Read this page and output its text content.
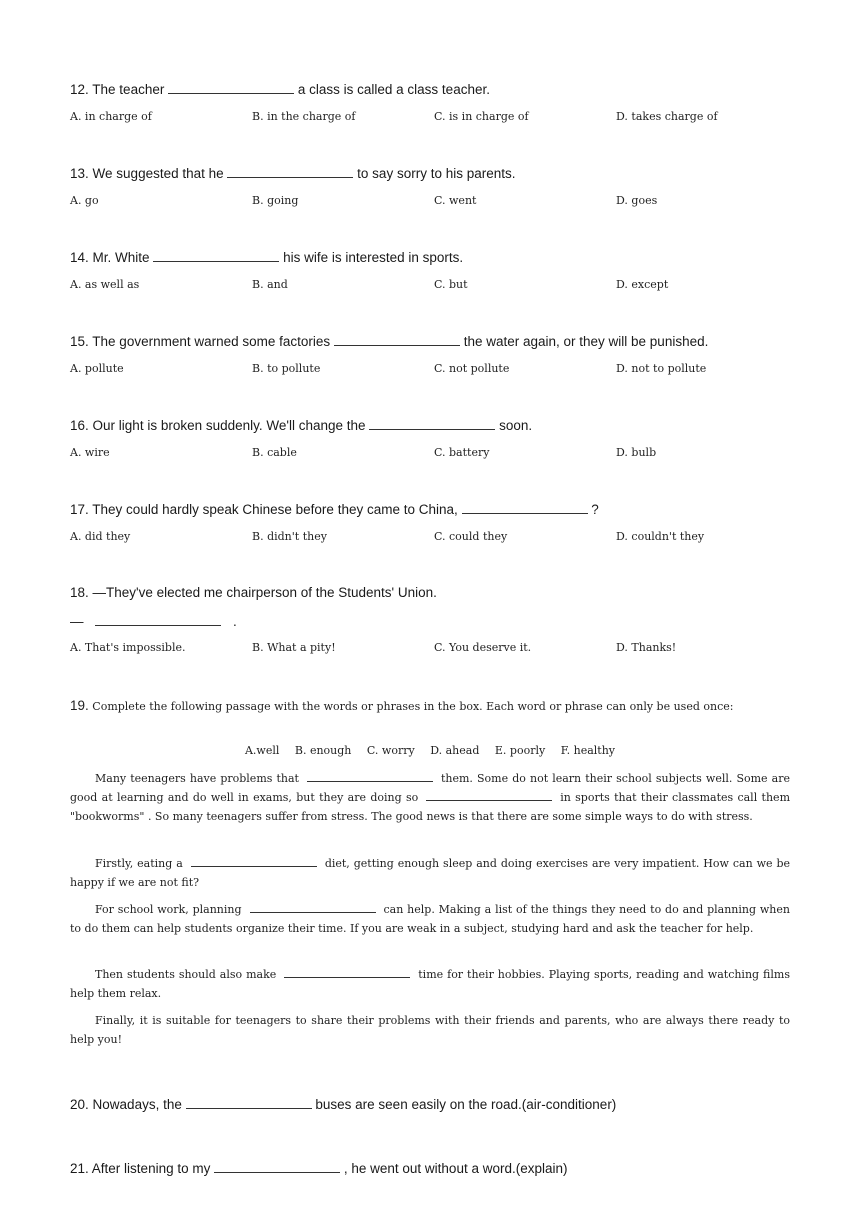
12. The teacher	a class is called a class teacher.
A. in charge of	B. in the charge of	C. is in charge of	D. takes charge of
13. We suggested that he	to say sorry to his parents.
A. go	B. going	C. went	D. goes
14. Mr. White	his wife is interested in sports.
A. as well as	B. and	C. but	D. except
15. The government warned some factories	the water again, or they will be punished.
A. pollute	B. to pollute	C. not pollute	D. not to pollute
16. Our light is broken suddenly. We'll change the	soon.
A. wire	B. cable	C. battery	D. bulb
17. They could hardly speak Chinese before they came to China,	?
A. did they	B. didn't they	C. could they	D. couldn't they
18. —They've elected me chairperson of the Students' Union.
—	.
A. That's impossible.	B. What a pity!	C. You deserve it.	D. Thanks!
19. Complete the following passage with the words or phrases in the box. Each word or phrase can only be used once:
A.well B. enough C. worry D. ahead E. poorly F. healthy
Many teenagers have problems that	them. Some do not learn their school subjects well. Some are good at learning and do well in exams, but they are doing so	in sports that their classmates call them "bookworms" . So many teenagers suffer from stress. The good news is that there are some simple ways to do with stress.
Firstly, eating a	diet, getting enough sleep and doing exercises are very impatient. How can we be happy if we are not fit?
For school work, planning	can help. Making a list of the things they need to do and planning when to do them can help students organize their time. If you are weak in a subject, studying hard and ask the teacher for help.
Then students should also make	time for their hobbies. Playing sports, reading and watching films help them relax.
Finally, it is suitable for teenagers to share their problems with their friends and parents, who are always there ready to help you!
20. Nowadays, the	buses are seen easily on the road.(air-conditioner)
21. After listening to my	, he went out without a word.(explain)
